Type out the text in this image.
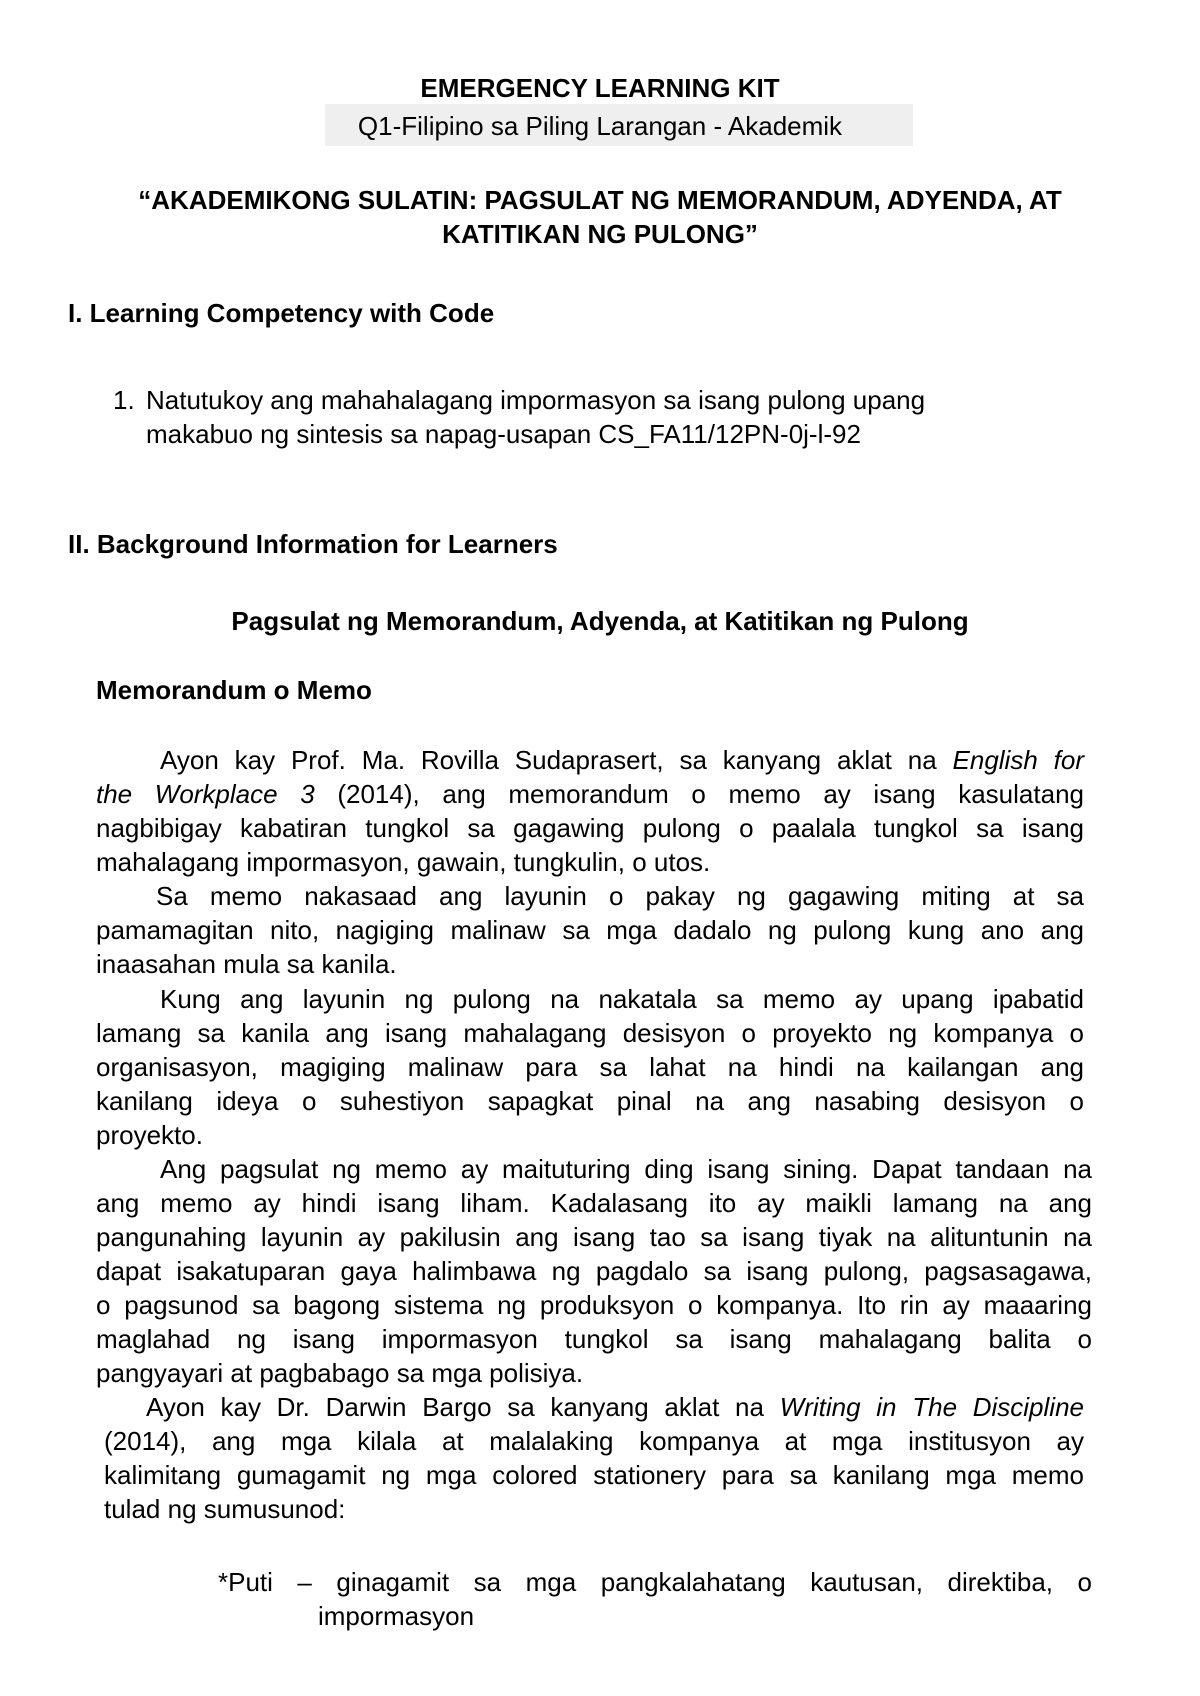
EMERGENCY LEARNING KIT
Q1-Filipino sa Piling Larangan - Akademik
“AKADEMIKONG SULATIN: PAGSULAT NG MEMORANDUM, ADYENDA, AT
KATITIKAN NG PULONG”
I. Learning Competency with Code
1. Natutukoy ang mahahalagang impormasyon sa isang pulong upang
makabuo ng sintesis sa napag-usapan CS_FA11/12PN-0j-l-92
II. Background Information for Learners
Pagsulat ng Memorandum, Adyenda, at Katitikan ng Pulong
Memorandum o Memo
Ayon kay Prof. Ma. Rovilla Sudaprasert, sa kanyang aklat na English for
the Workplace 3 (2014), ang memorandum o memo ay isang kasulatang
nagbibigay kabatiran tungkol sa gagawing pulong o paalala tungkol sa isang
mahalagang impormasyon, gawain, tungkulin, o utos.
Sa memo nakasaad ang layunin o pakay ng gagawing miting at sa
pamamagitan nito, nagiging malinaw sa mga dadalo ng pulong kung ano ang
inaasahan mula sa kanila.
Kung ang layunin ng pulong na nakatala sa memo ay upang ipabatid
lamang sa kanila ang isang mahalagang desisyon o proyekto ng kompanya o
organisasyon, magiging malinaw para sa lahat na hindi na kailangan ang
kanilang ideya o suhestiyon sapagkat pinal na ang nasabing desisyon o
proyekto.
Ang pagsulat ng memo ay maituturing ding isang sining. Dapat tandaan na
ang memo ay hindi isang liham. Kadalasang ito ay maikli lamang na ang
pangunahing layunin ay pakilusin ang isang tao sa isang tiyak na alituntunin na
dapat isakatuparan gaya halimbawa ng pagdalo sa isang pulong, pagsasagawa,
o pagsunod sa bagong sistema ng produksyon o kompanya. Ito rin ay maaaring
maglahad ng isang impormasyon tungkol sa isang mahalagang balita o
pangyayari at pagbabago sa mga polisiya.
Ayon kay Dr. Darwin Bargo sa kanyang aklat na Writing in The Discipline
(2014), ang mga kilala at malalaking kompanya at mga institusyon ay
kalimitang gumagamit ng mga colored stationery para sa kanilang mga memo
tulad ng sumusunod:
*Puti – ginagamit sa mga pangkalahatang kautusan, direktiba, o
impormasyon
